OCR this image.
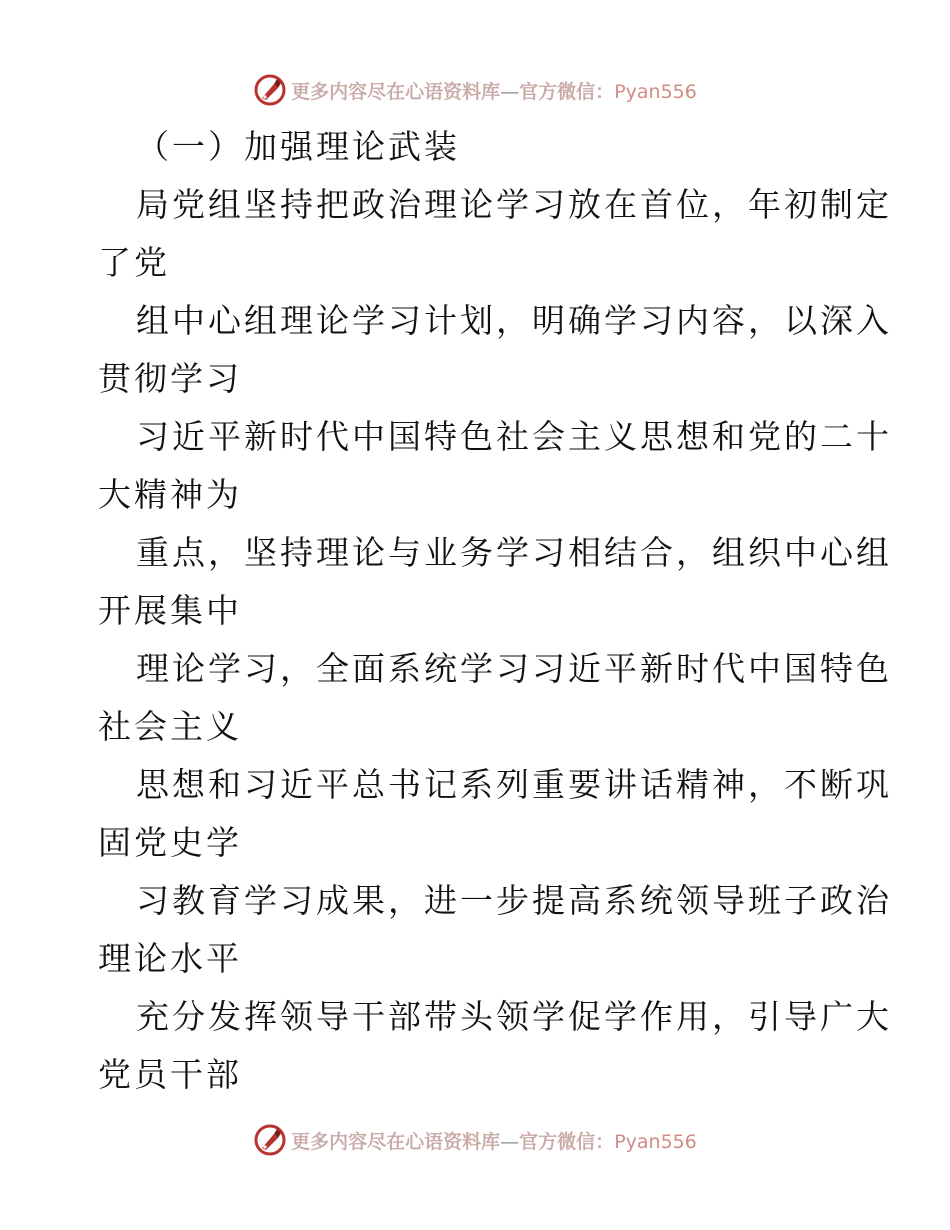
更多内容尽在心语资料库—官方微信：Pyan556
（一）加强理论武装
局党组坚持把政治理论学习放在首位，年初制定
了党
组中心组理论学习计划，明确学习内容，以深入
贯彻学习
习近平新时代中国特色社会主义思想和党的二十
大精神为
重点，坚持理论与业务学习相结合，组织中心组
开展集中
理论学习，全面系统学习习近平新时代中国特色
社会主义
思想和习近平总书记系列重要讲话精神，不断巩
固党史学
习教育学习成果，进一步提高系统领导班子政治
理论水平
充分发挥领导干部带头领学促学作用，引导广大
党员干部
更多内容尽在心语资料库—官方微信：Pyan556
